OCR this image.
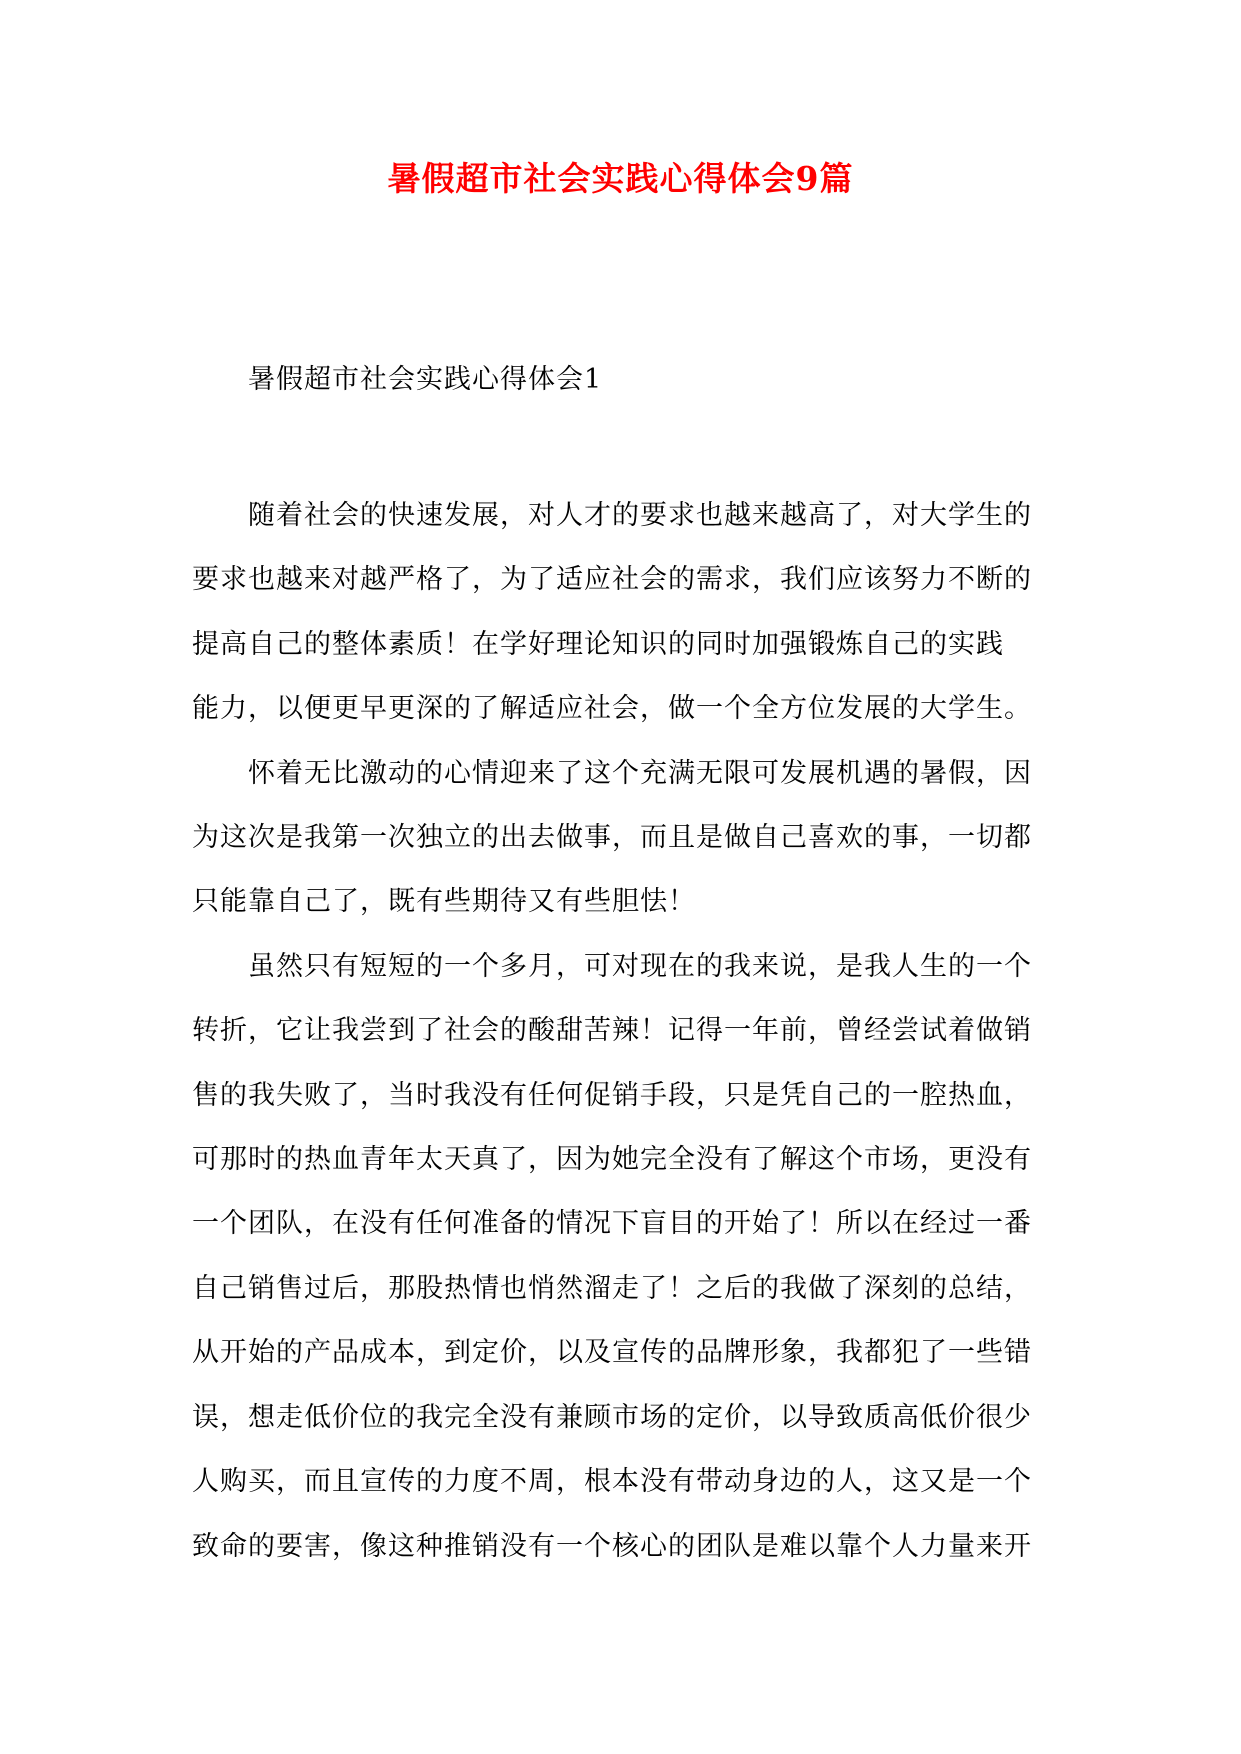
暑假超市社会实践心得体会9篇
暑假超市社会实践心得体会1

随着社会的快速发展，对人才的要求也越来越高了，对大学生的
要求也越来对越严格了，为了适应社会的需求，我们应该努力不断的
提高自己的整体素质！在学好理论知识的同时加强锻炼自己的实践
能力，以便更早更深的了解适应社会，做一个全方位发展的大学生。

怀着无比激动的心情迎来了这个充满无限可发展机遇的暑假，因
为这次是我第一次独立的出去做事，而且是做自己喜欢的事，一切都
只能靠自己了，既有些期待又有些胆怯！

虽然只有短短的一个多月，可对现在的我来说，是我人生的一个
转折，它让我尝到了社会的酸甜苦辣！记得一年前，曾经尝试着做销
售的我失败了，当时我没有任何促销手段，只是凭自己的一腔热血，
可那时的热血青年太天真了，因为她完全没有了解这个市场，更没有
一个团队，在没有任何准备的情况下盲目的开始了！所以在经过一番
自己销售过后，那股热情也悄然溜走了！之后的我做了深刻的总结，
从开始的产品成本，到定价，以及宣传的品牌形象，我都犯了一些错
误，想走低价位的我完全没有兼顾市场的定价，以导致质高低价很少
人购买，而且宣传的力度不周，根本没有带动身边的人，这又是一个
致命的要害，像这种推销没有一个核心的团队是难以靠个人力量来开
